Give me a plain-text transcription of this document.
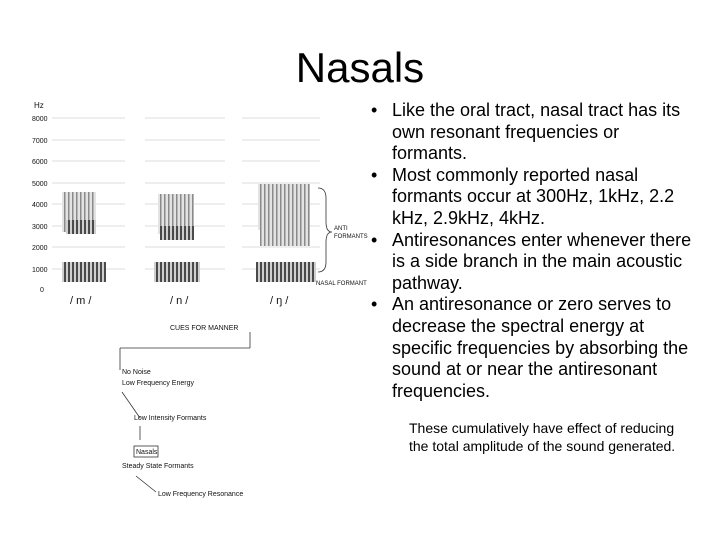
Nasals
Hz
8000
7000
6000
5000
4000
3000
2000
1000
0
ANTI
FORMANTS
NASAL FORMANT
/ m /	/ n /	/ ŋ /
CUES FOR MANNER
No Noise
Low Frequency Energy
Low Intensity Formants
Nasals
Steady State Formants
Low Frequency Resonance
• Like the oral tract, nasal tract has its own resonant frequencies or formants.
• Most commonly reported nasal formants occur at 300Hz, 1kHz, 2.2 kHz, 2.9kHz, 4kHz.
• Antiresonances enter whenever there is a side branch in the main acoustic pathway.
• An antiresonance or zero serves to decrease the spectral energy at specific frequencies by absorbing the sound at or near the antiresonant frequencies.
These cumulatively have effect of reducing the total amplitude of the sound generated.
